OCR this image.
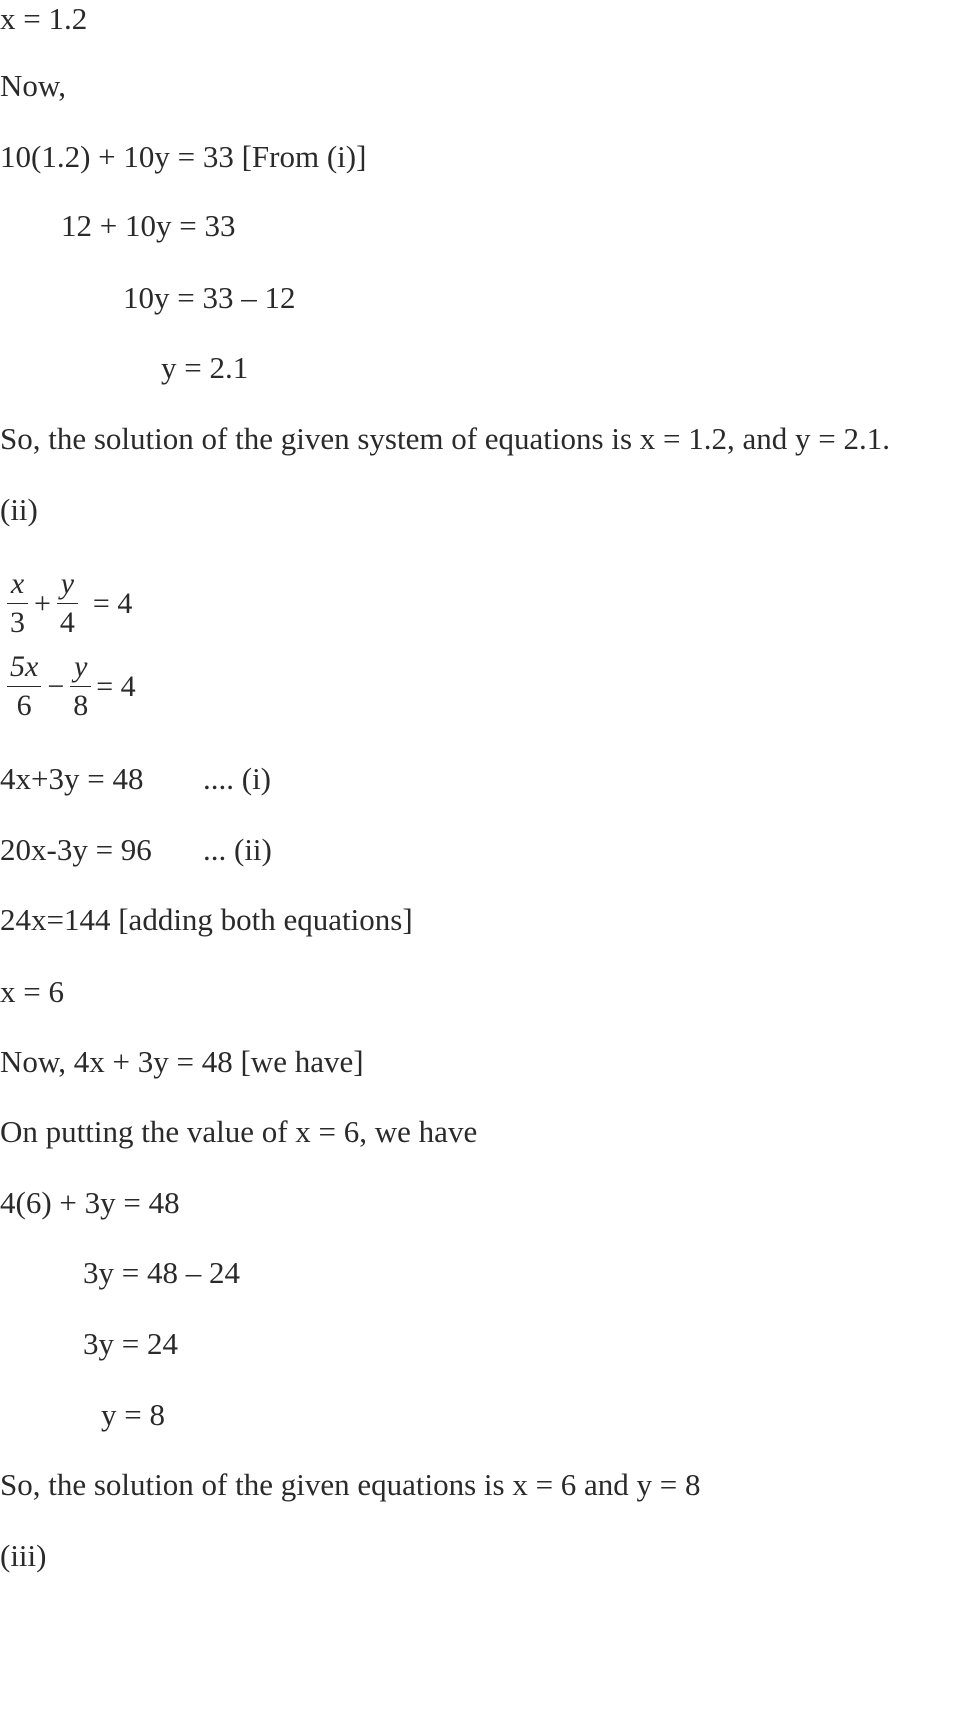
x = 1.2
Now,
10(1.2) + 10y = 33 [From (i)]
12 + 10y = 33
10y = 33 – 12
y = 2.1
So, the solution of the given system of equations is x = 1.2, and y = 2.1.
(ii)
$\frac{x}{3} + \frac{y}{4} = 4$
$\frac{5x}{6} - \frac{y}{8} = 4$
4x+3y = 48 .... (i)
20x-3y = 96 ... (ii)
24x=144 [adding both equations]
x = 6
Now, 4x + 3y = 48 [we have]
On putting the value of x = 6, we have
4(6) + 3y = 48
3y = 48 – 24
3y = 24
y = 8
So, the solution of the given equations is x = 6 and y = 8
(iii)
